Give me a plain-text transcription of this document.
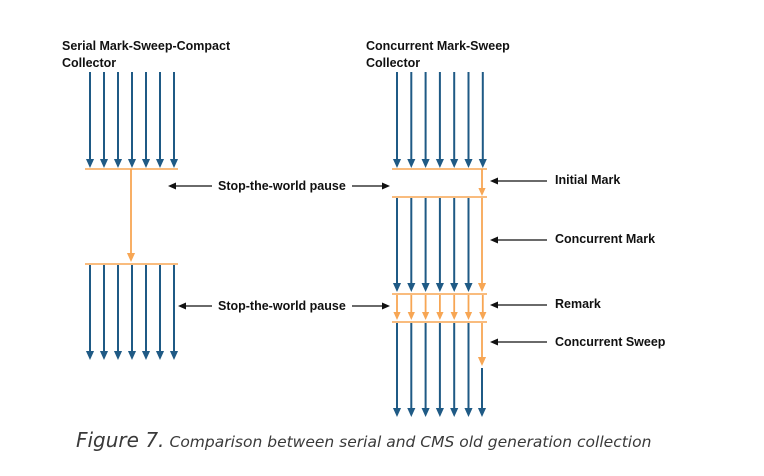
Serial Mark-Sweep-Compact
Collector
Concurrent Mark-Sweep
Collector
Stop-the-world pause
Stop-the-world pause
Initial Mark
Concurrent Mark
Remark
Concurrent Sweep
Figure 7. Comparison between serial and CMS old generation collection
